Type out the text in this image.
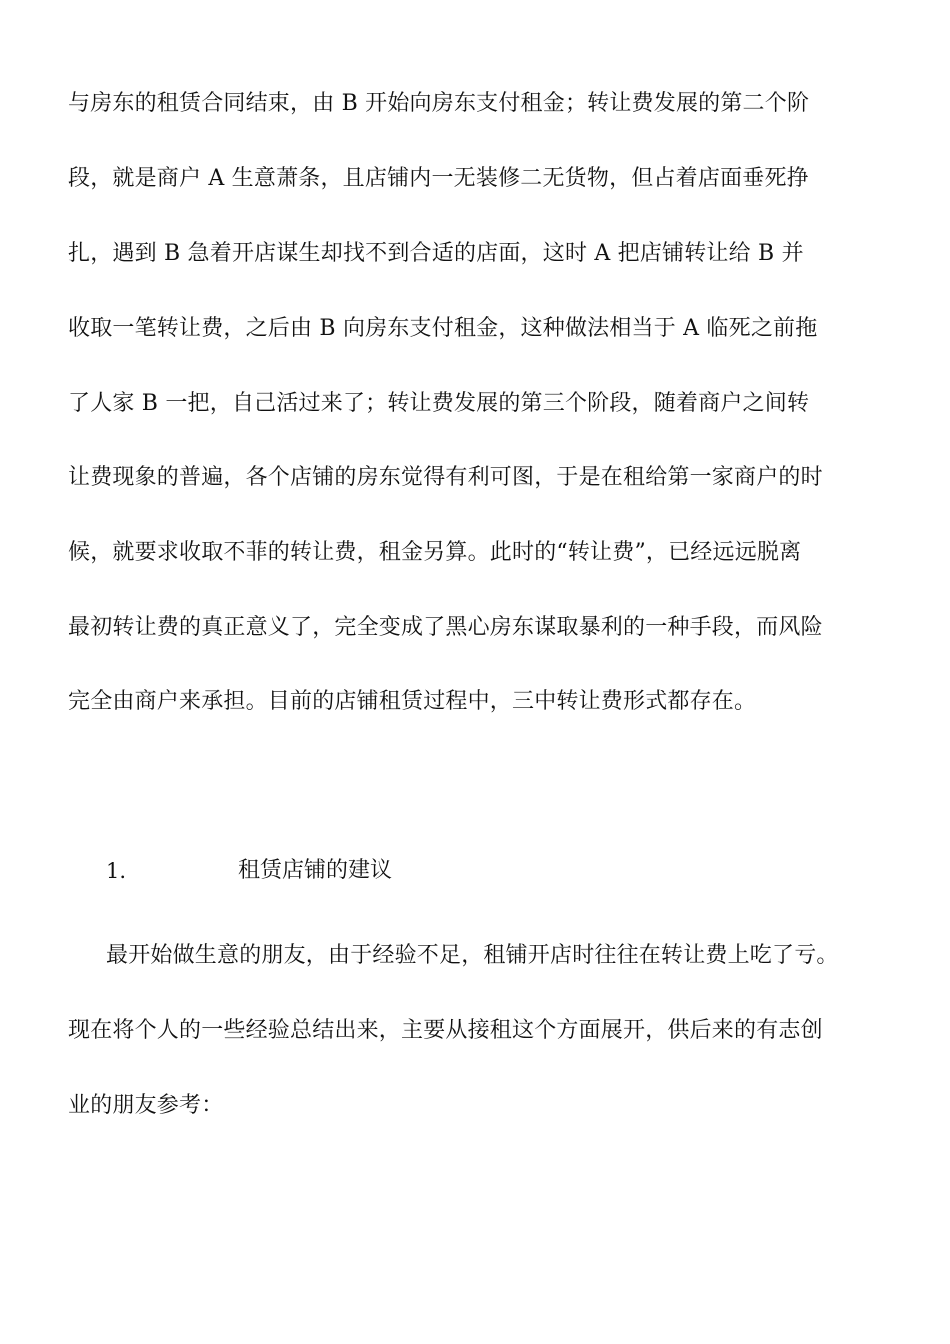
与房东的租赁合同结束，由 B 开始向房东支付租金；转让费发展的第二个阶
段，就是商户 A 生意萧条，且店铺内一无装修二无货物，但占着店面垂死挣
扎，遇到 B 急着开店谋生却找不到合适的店面，这时 A 把店铺转让给 B 并
收取一笔转让费，之后由 B 向房东支付租金，这种做法相当于 A 临死之前拖
了人家 B 一把，自己活过来了；转让费发展的第三个阶段，随着商户之间转
让费现象的普遍，各个店铺的房东觉得有利可图，于是在租给第一家商户的时
候，就要求收取不菲的转让费，租金另算。此时的“转让费”，已经远远脱离
最初转让费的真正意义了，完全变成了黑心房东谋取暴利的一种手段，而风险
完全由商户来承担。目前的店铺租赁过程中，三中转让费形式都存在。
1.	租赁店铺的建议
最开始做生意的朋友，由于经验不足，租铺开店时往往在转让费上吃了亏。
现在将个人的一些经验总结出来，主要从接租这个方面展开，供后来的有志创
业的朋友参考：
